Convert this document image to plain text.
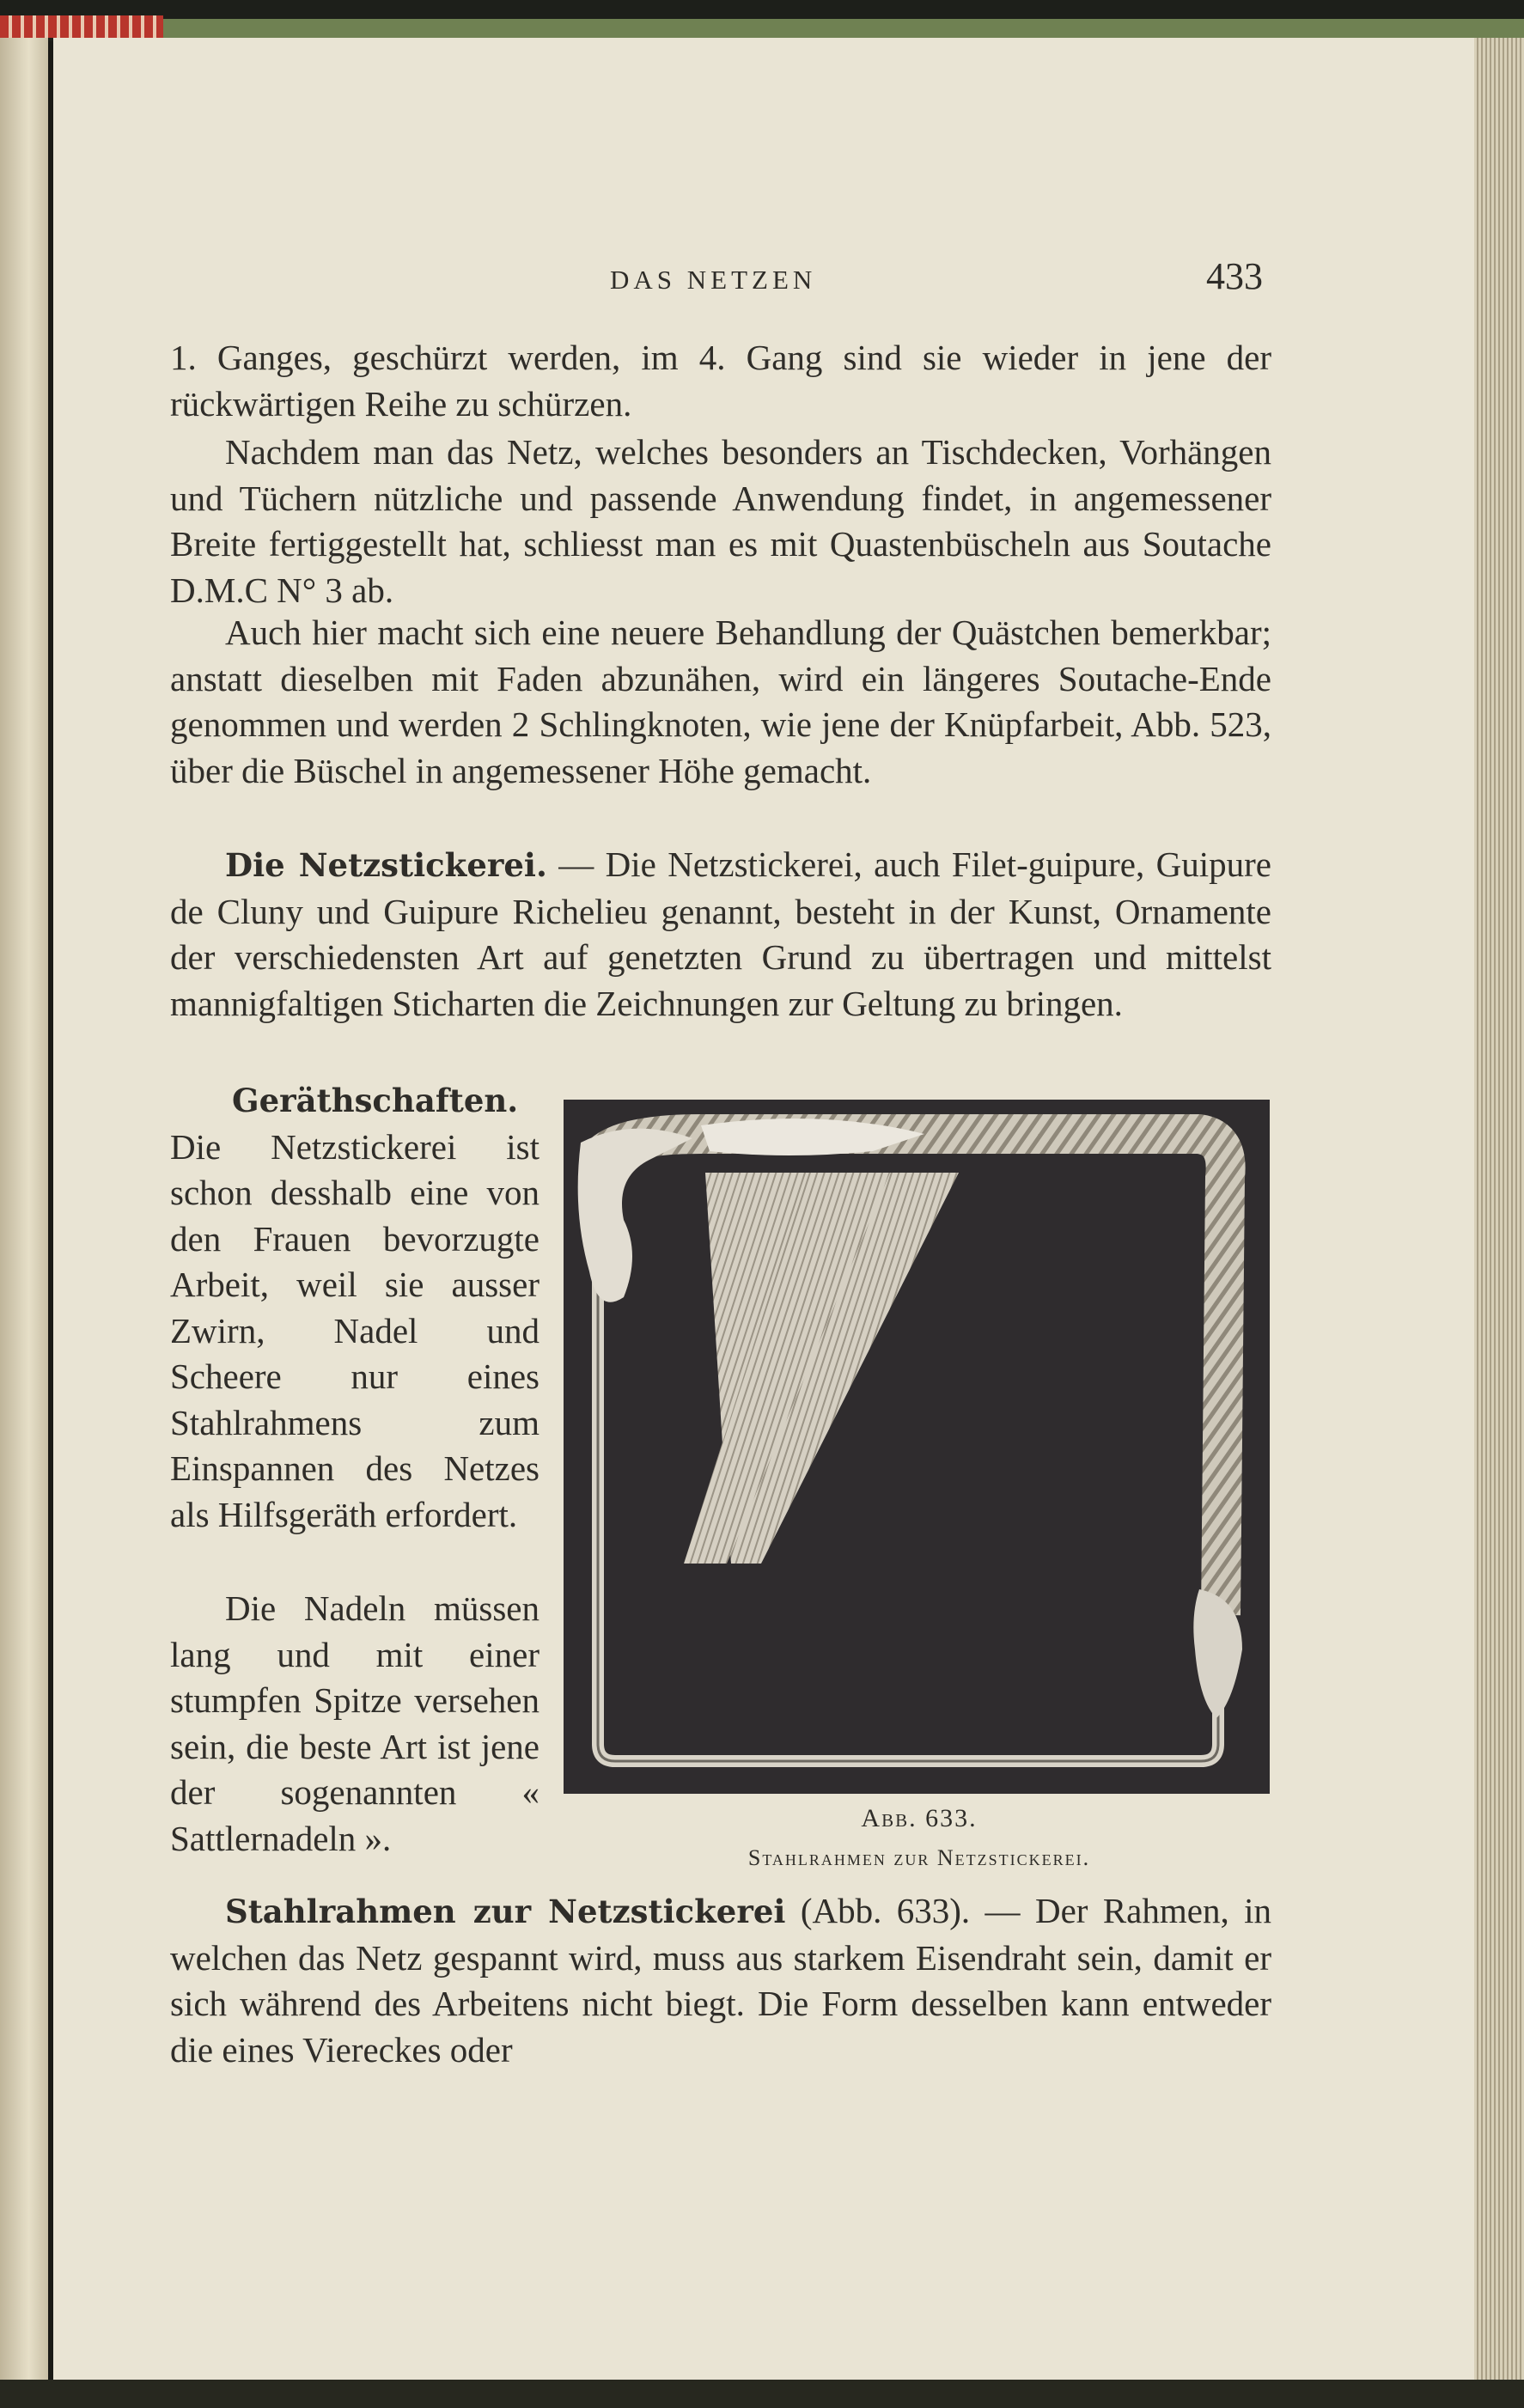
DAS NETZEN	433

1. Ganges, geschürzt werden, im 4. Gang sind sie wieder in jene der rückwärtigen Reihe zu schürzen.

Nachdem man das Netz, welches besonders an Tischdecken, Vorhängen und Tüchern nützliche und passende Anwendung findet, in angemessener Breite fertiggestellt hat, schliesst man es mit Quastenbüscheln aus Soutache D.M.C N° 3 ab.

Auch hier macht sich eine neuere Behandlung der Quästchen bemerkbar; anstatt dieselben mit Faden abzunähen, wird ein längeres Soutache-Ende genommen und werden 2 Schlingknoten, wie jene der Knüpfarbeit, Abb. 523, über die Büschel in angemessener Höhe gemacht.

Die Netzstickerei. — Die Netzstickerei, auch Filet-guipure, Guipure de Cluny und Guipure Richelieu genannt, besteht in der Kunst, Ornamente der verschiedensten Art auf genetzten Grund zu übertragen und mittelst mannigfaltigen Sticharten die Zeichnungen zur Geltung zu bringen.

Geräthschaften. Die Netzstickerei ist schon desshalb eine von den Frauen bevorzugte Arbeit, weil sie ausser Zwirn, Nadel und Scheere nur eines Stahlrahmens zum Einspannen des Netzes als Hilfsgeräth erfordert.

Die Nadeln müssen lang und mit einer stumpfen Spitze versehen sein, die beste Art ist jene der sogenannten « Sattlernadeln ».

Stahlrahmen zur Netzstickerei (Abb. 633). — Der Rahmen, in welchen das Netz gespannt wird, muss aus starkem Eisendraht sein, damit er sich während des Arbeitens nicht biegt. Die Form desselben kann entweder die eines Viereckes oder

Abb. 633.
Stahlrahmen zur Netzstickerei.
